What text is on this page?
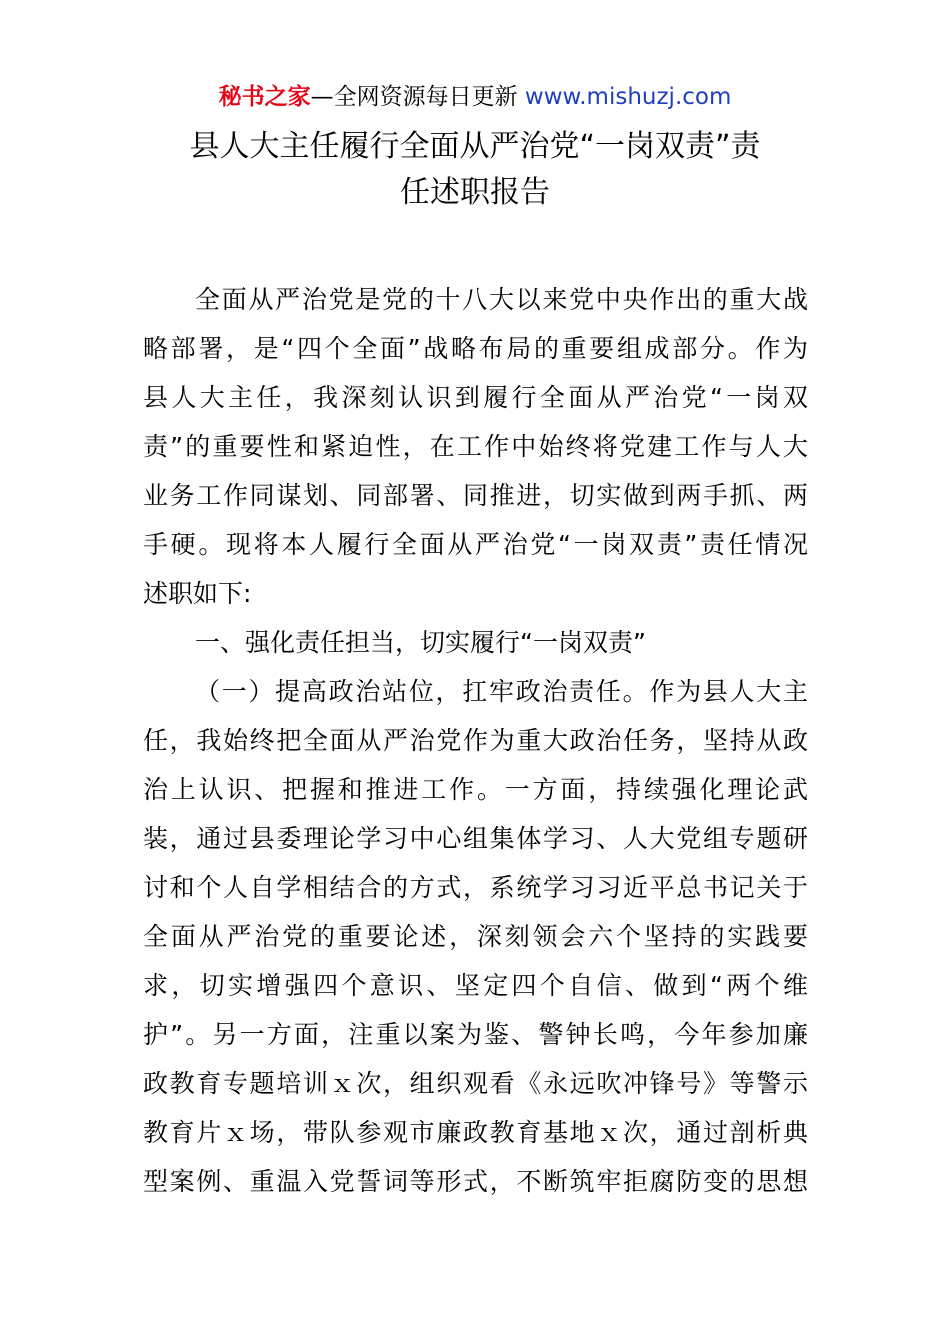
秘书之家—全网资源每日更新 www.mishuzj.com
县人大主任履行全面从严治党“一岗双责”责
任述职报告
全面从严治党是党的十八大以来党中央作出的重大战
略部署，是“四个全面”战略布局的重要组成部分。作为
县人大主任，我深刻认识到履行全面从严治党“一岗双
责”的重要性和紧迫性，在工作中始终将党建工作与人大
业务工作同谋划、同部署、同推进，切实做到两手抓、两
手硬。现将本人履行全面从严治党“一岗双责”责任情况
述职如下:
一、强化责任担当，切实履行“一岗双责”
（一）提高政治站位，扛牢政治责任。作为县人大主
任，我始终把全面从严治党作为重大政治任务，坚持从政
治上认识、把握和推进工作。一方面，持续强化理论武
装，通过县委理论学习中心组集体学习、人大党组专题研
讨和个人自学相结合的方式，系统学习习近平总书记关于
全面从严治党的重要论述，深刻领会六个坚持的实践要
求，切实增强四个意识、坚定四个自信、做到“两个维
护”。另一方面，注重以案为鉴、警钟长鸣，今年参加廉
政教育专题培训ｘ次，组织观看《永远吹冲锋号》等警示
教育片ｘ场，带队参观市廉政教育基地ｘ次，通过剖析典
型案例、重温入党誓词等形式，不断筑牢拒腐防变的思想
